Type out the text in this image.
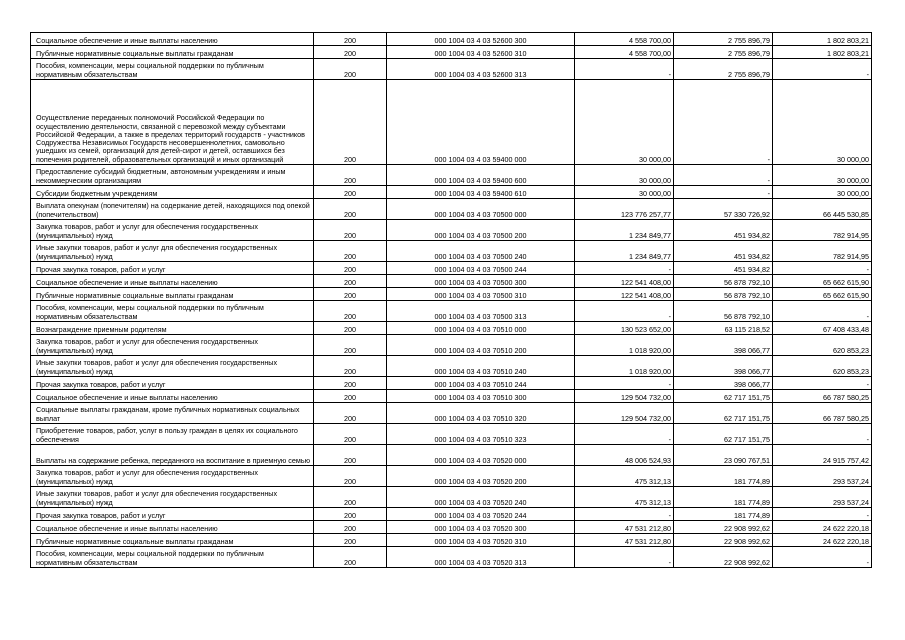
Социальное обеспечение и иные выплаты населению	200	000 1004 03 4 03 52600 300	4 558 700,00	2 755 896,79	1 802 803,21
Публичные нормативные социальные выплаты гражданам	200	000 1004 03 4 03 52600 310	4 558 700,00	2 755 896,79	1 802 803,21
Пособия, компенсации, меры социальной поддержки по публичным нормативным обязательствам	200	000 1004 03 4 03 52600 313	-	2 755 896,79	-
Осуществление переданных полномочий Российской Федерации по осуществлению деятельности, связанной с перевозкой между субъектами Российской Федерации, а также в пределах территорий государств - участников Содружества Независимых Государств несовершеннолетних, самовольно ушедших из семей, организаций для детей-сирот и детей, оставшихся без попечения родителей, образовательных организаций и иных организаций	200	000 1004 03 4 03 59400 000	30 000,00	-	30 000,00
Предоставление субсидий бюджетным, автономным учреждениям и иным некоммерческим организациям	200	000 1004 03 4 03 59400 600	30 000,00	-	30 000,00
Субсидии бюджетным учреждениям	200	000 1004 03 4 03 59400 610	30 000,00	-	30 000,00
Выплата опекунам (попечителям) на содержание детей, находящихся под опекой (попечительством)	200	000 1004 03 4 03 70500 000	123 776 257,77	57 330 726,92	66 445 530,85
Закупка товаров, работ и услуг для обеспечения государственных (муниципальных) нужд	200	000 1004 03 4 03 70500 200	1 234 849,77	451 934,82	782 914,95
Иные закупки товаров, работ и услуг для обеспечения государственных (муниципальных) нужд	200	000 1004 03 4 03 70500 240	1 234 849,77	451 934,82	782 914,95
Прочая закупка товаров, работ и услуг	200	000 1004 03 4 03 70500 244	-	451 934,82	-
Социальное обеспечение и иные выплаты населению	200	000 1004 03 4 03 70500 300	122 541 408,00	56 878 792,10	65 662 615,90
Публичные нормативные социальные выплаты гражданам	200	000 1004 03 4 03 70500 310	122 541 408,00	56 878 792,10	65 662 615,90
Пособия, компенсации, меры социальной поддержки по публичным нормативным обязательствам	200	000 1004 03 4 03 70500 313	-	56 878 792,10	-
Вознаграждение приемным родителям	200	000 1004 03 4 03 70510 000	130 523 652,00	63 115 218,52	67 408 433,48
Закупка товаров, работ и услуг для обеспечения государственных (муниципальных) нужд	200	000 1004 03 4 03 70510 200	1 018 920,00	398 066,77	620 853,23
Иные закупки товаров, работ и услуг для обеспечения государственных (муниципальных) нужд	200	000 1004 03 4 03 70510 240	1 018 920,00	398 066,77	620 853,23
Прочая закупка товаров, работ и услуг	200	000 1004 03 4 03 70510 244	-	398 066,77	-
Социальное обеспечение и иные выплаты населению	200	000 1004 03 4 03 70510 300	129 504 732,00	62 717 151,75	66 787 580,25
Социальные выплаты гражданам, кроме публичных нормативных социальных выплат	200	000 1004 03 4 03 70510 320	129 504 732,00	62 717 151,75	66 787 580,25
Приобретение товаров, работ, услуг в пользу граждан в целях их социального обеспечения	200	000 1004 03 4 03 70510 323	-	62 717 151,75	-
Выплаты на содержание ребенка, переданного на воспитание в приемную семью	200	000 1004 03 4 03 70520 000	48 006 524,93	23 090 767,51	24 915 757,42
Закупка товаров, работ и услуг для обеспечения государственных (муниципальных) нужд	200	000 1004 03 4 03 70520 200	475 312,13	181 774,89	293 537,24
Иные закупки товаров, работ и услуг для обеспечения государственных (муниципальных) нужд	200	000 1004 03 4 03 70520 240	475 312,13	181 774,89	293 537,24
Прочая закупка товаров, работ и услуг	200	000 1004 03 4 03 70520 244	-	181 774,89	-
Социальное обеспечение и иные выплаты населению	200	000 1004 03 4 03 70520 300	47 531 212,80	22 908 992,62	24 622 220,18
Публичные нормативные социальные выплаты гражданам	200	000 1004 03 4 03 70520 310	47 531 212,80	22 908 992,62	24 622 220,18
Пособия, компенсации, меры социальной поддержки по публичным нормативным обязательствам	200	000 1004 03 4 03 70520 313	-	22 908 992,62	-
